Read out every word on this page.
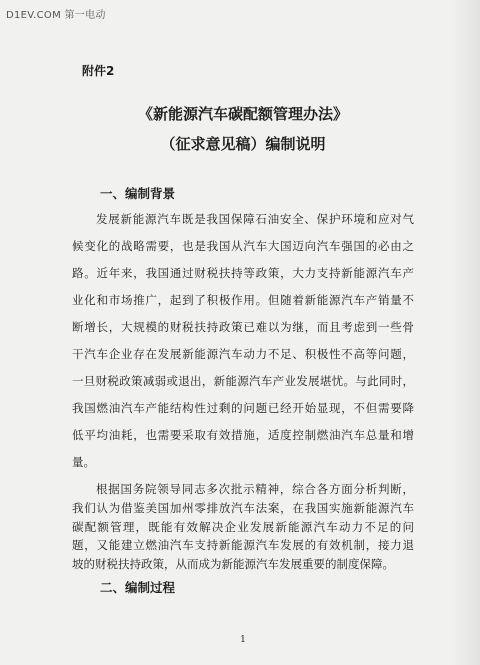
D1EV.COM 第一电动
附件2
《新能源汽车碳配额管理办法》
（征求意见稿）编制说明
一、编制背景
发展新能源汽车既是我国保障石油安全、保护环境和应对气
候变化的战略需要，也是我国从汽车大国迈向汽车强国的必由之
路。近年来，我国通过财税扶持等政策，大力支持新能源汽车产
业化和市场推广，起到了积极作用。但随着新能源汽车产销量不
断增长，大规模的财税扶持政策已难以为继，而且考虑到一些骨
干汽车企业存在发展新能源汽车动力不足、积极性不高等问题，
一旦财税政策减弱或退出，新能源汽车产业发展堪忧。与此同时，
我国燃油汽车产能结构性过剩的问题已经开始显现，不但需要降
低平均油耗，也需要采取有效措施，适度控制燃油汽车总量和增
量。
根据国务院领导同志多次批示精神，综合各方面分析判断，
我们认为借鉴美国加州零排放汽车法案，在我国实施新能源汽车
碳配额管理，既能有效解决企业发展新能源汽车动力不足的问
题，又能建立燃油汽车支持新能源汽车发展的有效机制，接力退
坡的财税扶持政策，从而成为新能源汽车发展重要的制度保障。
二、编制过程
1
